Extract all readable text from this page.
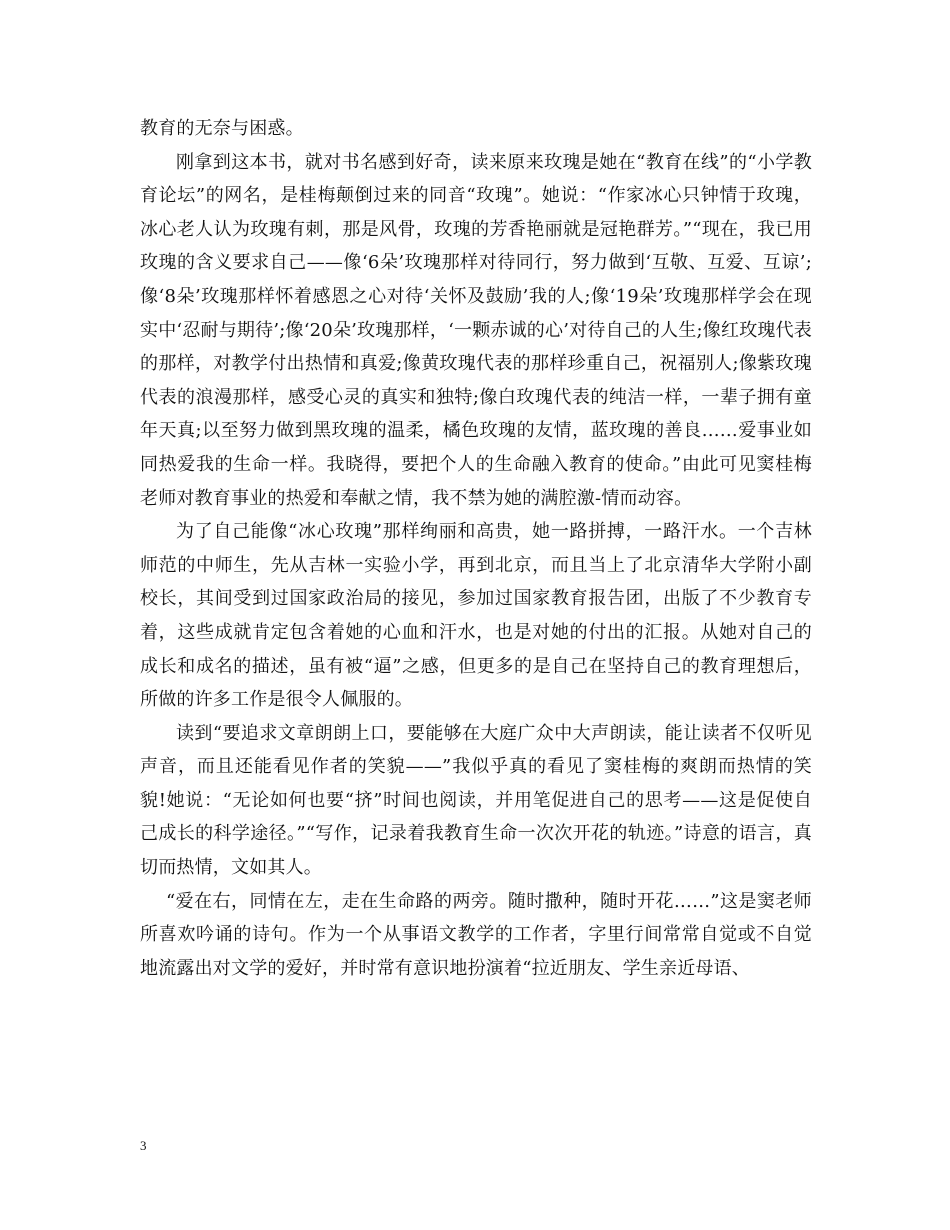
教育的无奈与困惑。

刚拿到这本书，就对书名感到好奇，读来原来玫瑰是她在“教育在线”的“小学教育论坛”的网名，是桂梅颠倒过来的同音“玫瑰”。她说：“作家冰心只钟情于玫瑰，冰心老人认为玫瑰有刺，那是风骨，玫瑰的芳香艳丽就是冠艳群芳。”“现在，我已用玫瑰的含义要求自己——像‘6朵’玫瑰那样对待同行，努力做到‘互敬、互爱、互谅’;像‘8朵’玫瑰那样怀着感恩之心对待‘关怀及鼓励’我的人;像‘19朵’玫瑰那样学会在现实中‘忍耐与期待’;像‘20朵’玫瑰那样，‘一颗赤诚的心’对待自己的人生;像红玫瑰代表的那样，对教学付出热情和真爱;像黄玫瑰代表的那样珍重自己，祝福别人;像紫玫瑰代表的浪漫那样，感受心灵的真实和独特;像白玫瑰代表的纯洁一样，一辈子拥有童年天真;以至努力做到黑玫瑰的温柔，橘色玫瑰的友情，蓝玫瑰的善良……爱事业如同热爱我的生命一样。我晓得，要把个人的生命融入教育的使命。”由此可见窦桂梅老师对教育事业的热爱和奉献之情，我不禁为她的满腔激-情而动容。

为了自己能像“冰心玫瑰”那样绚丽和高贵，她一路拼搏，一路汗水。一个吉林师范的中师生，先从吉林一实验小学，再到北京，而且当上了北京清华大学附小副校长，其间受到过国家政治局的接见，参加过国家教育报告团，出版了不少教育专着，这些成就肯定包含着她的心血和汗水，也是对她的付出的汇报。从她对自己的成长和成名的描述，虽有被“逼”之感，但更多的是自己在坚持自己的教育理想后，所做的许多工作是很令人佩服的。

读到“要追求文章朗朗上口，要能够在大庭广众中大声朗读，能让读者不仅听见声音，而且还能看见作者的笑貌——”我似乎真的看见了窦桂梅的爽朗而热情的笑貌!她说：“无论如何也要“挤”时间也阅读，并用笔促进自己的思考——这是促使自己成长的科学途径。”“写作，记录着我教育生命一次次开花的轨迹。”诗意的语言，真切而热情，文如其人。

“爱在右，同情在左，走在生命路的两旁。随时撒种，随时开花……”这是窦老师所喜欢吟诵的诗句。作为一个从事语文教学的工作者，字里行间常常自觉或不自觉地流露出对文学的爱好，并时常有意识地扮演着“拉近朋友、学生亲近母语、

3
